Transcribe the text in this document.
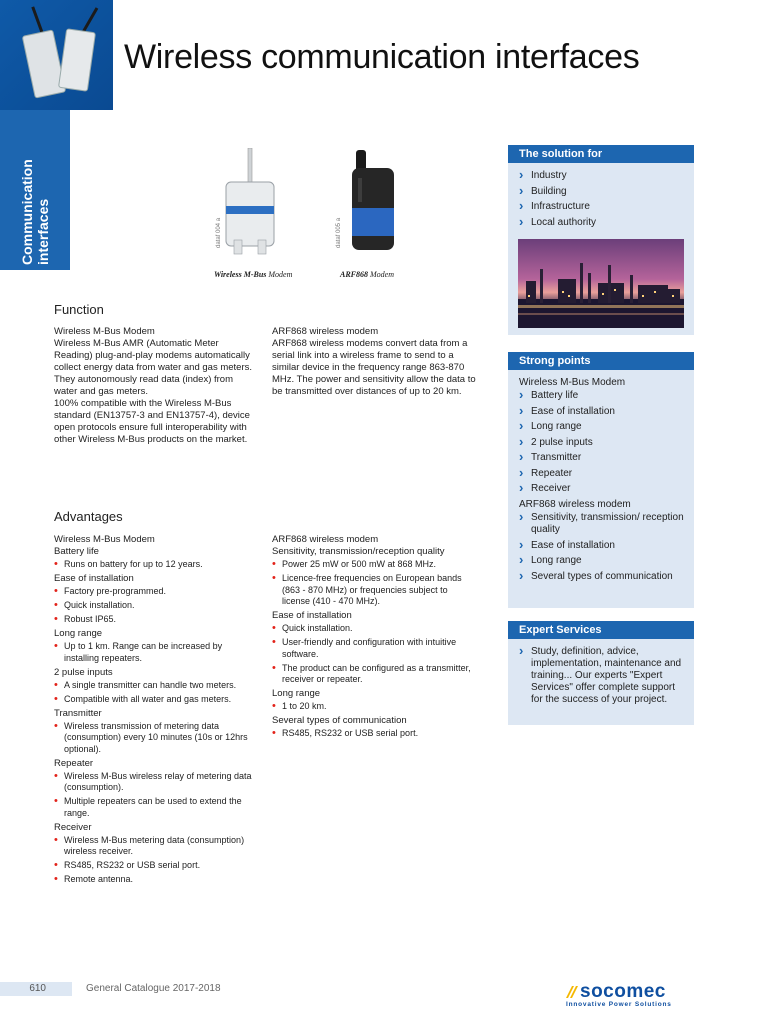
Communication interfaces
Wireless communication interfaces
dataf 004 a
Wireless M-Bus Modem
dataf 005 a
ARF868 Modem
Function

Wireless M-Bus Modem

Wireless M-Bus AMR (Automatic Meter Reading) plug-and-play modems automatically collect energy data from water and gas meters. They autonomously read data (index) from water and gas meters.

100% compatible with the Wireless M-Bus standard (EN13757-3 and EN13757-4), device open protocols ensure full interoperability with other Wireless M-Bus products on the market.

ARF868 wireless modem

ARF868 wireless modems convert data from a serial link into a wireless frame to send to a similar device in the frequency range 863-870 MHz. The power and sensitivity allow the data to be transmitted over distances of up to 20 km.

Advantages

Wireless M-Bus Modem

Battery life

• Runs on battery for up to 12 years.

Ease of installation

• Factory pre-programmed.
• Quick installation.
• Robust IP65.

Long range

• Up to 1 km. Range can be increased by installing repeaters.

2 pulse inputs

• A single transmitter can handle two meters.
• Compatible with all water and gas meters.

Transmitter

• Wireless transmission of metering data (consumption) every 10 minutes (10s or 12hrs optional).

Repeater

• Wireless M-Bus wireless relay of metering data (consumption).
• Multiple repeaters can be used to extend the range.

Receiver

• Wireless M-Bus metering data (consumption) wireless receiver.
• RS485, RS232 or USB serial port.
• Remote antenna.

ARF868 wireless modem

Sensitivity, transmission/reception quality

• Power 25 mW or 500 mW at 868 MHz.
• Licence-free frequencies on European bands (863 - 870 MHz) or frequencies subject to license (410 - 470 MHz).

Ease of installation

• Quick installation.
• User-friendly and configuration with intuitive software.
• The product can be configured as a transmitter, receiver or repeater.

Long range

• 1 to 20 km.

Several types of communication

• RS485, RS232 or USB serial port.
The solution for
› Industry
› Building
› Infrastructure
› Local authority
Strong points

Wireless M-Bus Modem

› Battery life
› Ease of installation
› Long range
› 2 pulse inputs
› Transmitter
› Repeater
› Receiver

ARF868 wireless modem

› Sensitivity, transmission/ reception quality
› Ease of installation
› Long range
› Several types of communication
Expert Services
› Study, definition, advice, implementation, maintenance and training... Our experts "Expert Services" offer complete support for the success of your project.
610	General Catalogue 2017-2018	socomec
Innovative Power Solutions
